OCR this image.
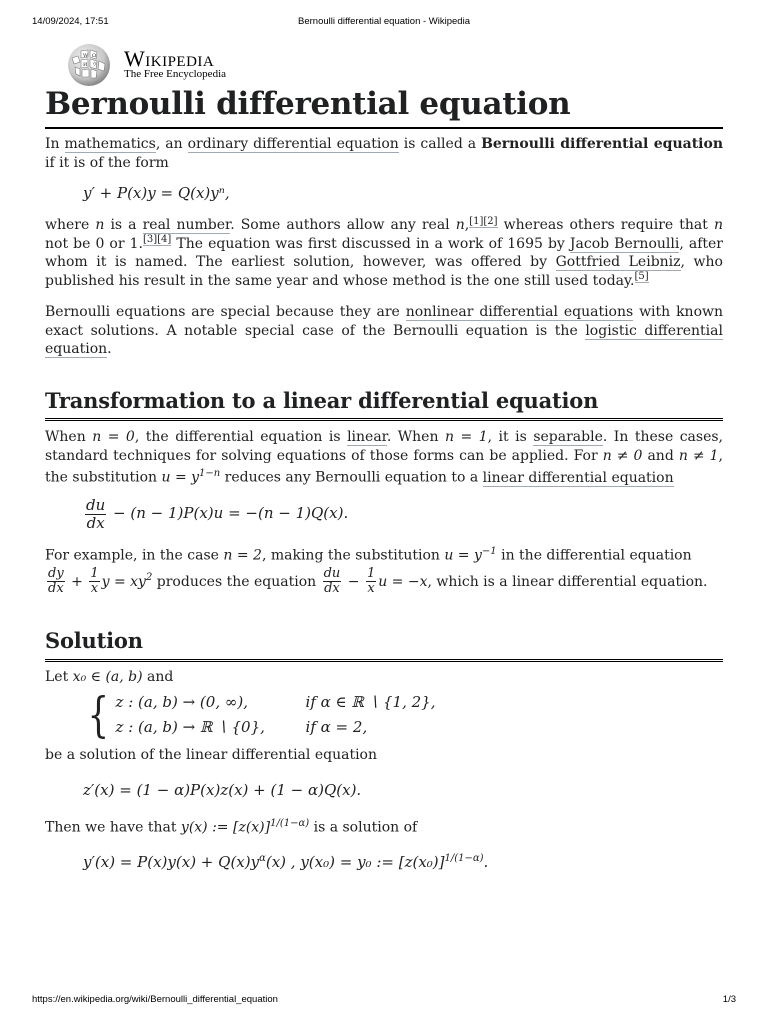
14/09/2024, 17:51	Bernoulli differential equation - Wikipedia
W Ω
И ウ Wikipedia
The Free Encyclopedia
Bernoulli differential equation

In mathematics, an ordinary differential equation is called a Bernoulli differential equation if it is of the form

y′ + P(x)y = Q(x)yⁿ,

where n is a real number. Some authors allow any real n,[1][2] whereas others require that n not be 0 or 1.[3][4] The equation was first discussed in a work of 1695 by Jacob Bernoulli, after whom it is named. The earliest solution, however, was offered by Gottfried Leibniz, who published his result in the same year and whose method is the one still used today.[5]

Bernoulli equations are special because they are nonlinear differential equations with known exact solutions. A notable special case of the Bernoulli equation is the logistic differential equation.

Transformation to a linear differential equation

When n = 0, the differential equation is linear. When n = 1, it is separable. In these cases, standard techniques for solving equations of those forms can be applied. For n ≠ 0 and n ≠ 1, the substitution $u = y^{1-n}$ reduces any Bernoulli equation to a linear differential equation

$\frac{du}{dx} - (n - 1)P(x)u = -(n - 1)Q(x)$.

For example, in the case n = 2, making the substitution $u = y^{-1}$ in the differential equation

$\frac{dy}{dx} + \frac{1}{x}$ $y = xy^2$ produces the equation $\frac{du}{dx} - \frac{1}{x}$ u = −x, which is a linear differential equation.

Solution

Let x₀ ∈ (a, b) and

{ z : (a, b) → (0, ∞),	if α ∈ ℝ ∖ {1, 2},
z : (a, b) → ℝ ∖ {0},	if α = 2,

be a solution of the linear differential equation

z′(x) = (1 − α)P(x)z(x) + (1 − α)Q(x).

Then we have that y(x) := $[z(x)]^{1/(1-\alpha)}$ is a solution of

$y'(x) = P(x)y(x) + Q(x)y^\alpha(x)$ , y(x₀) = y₀ := $[z(x_0)]^{1/(1-\alpha)}$.
https://en.wikipedia.org/wiki/Bernoulli_differential_equation	1/3
